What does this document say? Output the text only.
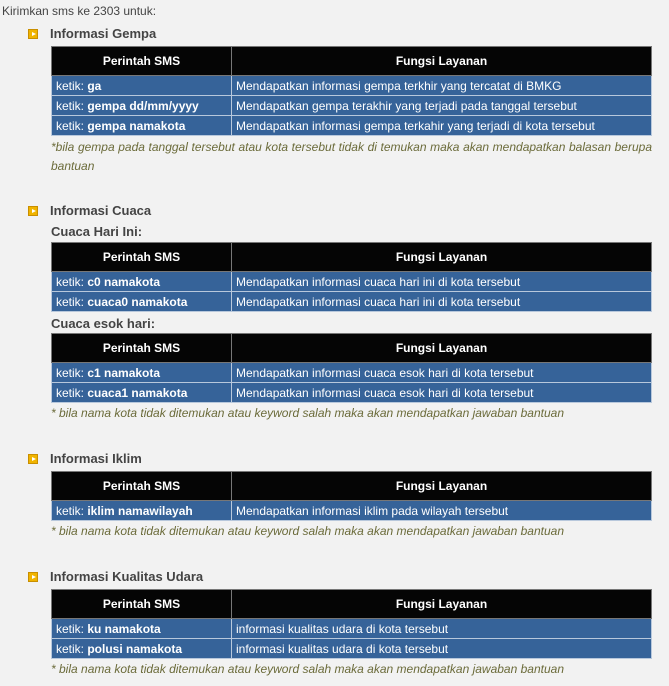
Kirimkan sms ke 2303 untuk:
Informasi Gempa
Perintah SMS	Fungsi Layanan
ketik: ga	Mendapatkan informasi gempa terkhir yang tercatat di BMKG
ketik: gempa dd/mm/yyyy	Mendapatkan gempa terakhir yang terjadi pada tanggal tersebut
ketik: gempa namakota	Mendapatkan informasi gempa terkahir yang terjadi di kota tersebut
*bila gempa pada tanggal tersebut atau kota tersebut tidak di temukan maka akan mendapatkan balasan berupa bantuan
Informasi Cuaca
Cuaca Hari Ini:
Perintah SMS	Fungsi Layanan
ketik: c0 namakota	Mendapatkan informasi cuaca hari ini di kota tersebut
ketik: cuaca0 namakota	Mendapatkan informasi cuaca hari ini di kota tersebut
Cuaca esok hari:
Perintah SMS	Fungsi Layanan
ketik: c1 namakota	Mendapatkan informasi cuaca esok hari di kota tersebut
ketik: cuaca1 namakota	Mendapatkan informasi cuaca esok hari di kota tersebut
* bila nama kota tidak ditemukan atau keyword salah maka akan mendapatkan jawaban bantuan
Informasi Iklim
Perintah SMS	Fungsi Layanan
ketik: iklim namawilayah	Mendapatkan informasi iklim pada wilayah tersebut
* bila nama kota tidak ditemukan atau keyword salah maka akan mendapatkan jawaban bantuan
Informasi Kualitas Udara
Perintah SMS	Fungsi Layanan
ketik: ku namakota	informasi kualitas udara di kota tersebut
ketik: polusi namakota	informasi kualitas udara di kota tersebut
* bila nama kota tidak ditemukan atau keyword salah maka akan mendapatkan jawaban bantuan
